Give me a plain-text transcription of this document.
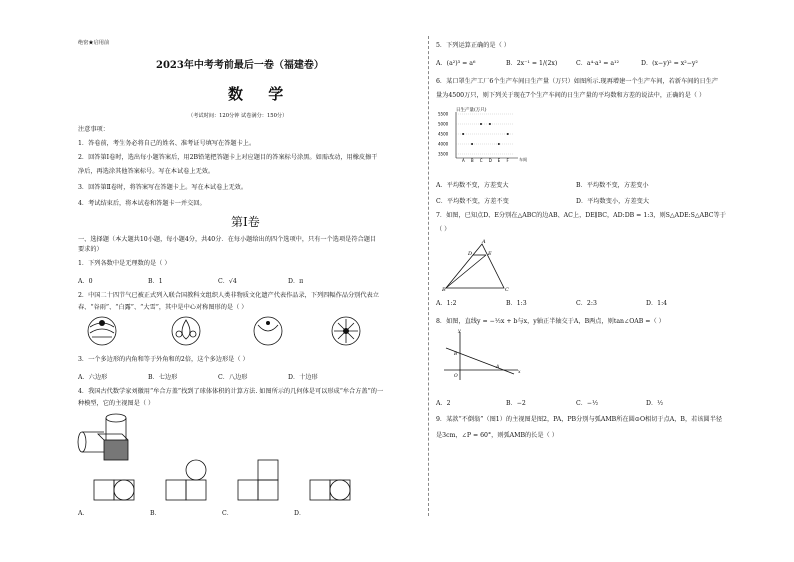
绝密★启用前
2023年中考考前最后一卷（福建卷）
数 学
（考试时间：120分钟 试卷满分：150分）
注意事项：
1．答卷前，考生务必将自己的姓名、准考证号填写在答题卡上。
2．回答第Ⅰ卷时，选出每小题答案后，用2B铅笔把答题卡上对应题目的答案标号涂黑。如需改动，用橡皮擦干
净后，再选涂其他答案标号。写在本试卷上无效。
3．回答第Ⅱ卷时，将答案写在答题卡上。写在本试卷上无效。
4．考试结束后，将本试卷和答题卡一并交回。
第Ⅰ卷
一、选择题（本大题共10小题，每小题4分，共40分．在每小题给出的四个选项中，只有一个选项是符合题目
要求的）
1．下列各数中是无理数的是（ ）
A．0	B．1	C．√4	D．π
2．中国二十四节气已被正式列入联合国教科文组织人类非物质文化遗产代表作品录，下列四幅作品分别代表立
春、“谷雨”、“白露”、“大雪”，其中是中心对称图形的是（ ）
3．一个多边形的内角和等于外角和的2倍，这个多边形是（ ）
A．六边形	B．七边形	C．八边形	D．十边形
4．我国古代数学家刘徽用“牟合方盖”找到了球体体积的计算方法. 如图所示的几何体是可以形成“牟合方盖”的一
种模型，它的主视图是（ ）
A．	B．	C．	D．
5．下列运算正确的是（ ）
A．(a²)³ = a⁶	B．2x⁻¹ = 1/(2x)	C．a⁴·a³ = a¹²	D．(x−y)² = x²−y²
6．某口罩生产工厂6个生产车间日生产量（万只）如图所示.现再增建一个生产车间，若新车间的日生产
量为4500万只，则下列关于现在7个生产车间的日生产量的平均数和方差的说法中，正确的是（ ）
日生产量(万只)
车间
3500
4000
4500
5000
5500
A B C D E F
A．平均数不变，方差变大	B．平均数不变，方差变小
C．平均数不变，方差不变	D．平均数变小，方差变大
7．如图，已知点D、E分别在△ABC的边AB、AC上，DE∥BC，AD:DB = 1:3，则S△ADE:S△ABC等于
（ ）
A
B	C
D	E
A．1:2	B．1:3	C．2:3	D．1:4
8．如图，直线y = −½x + b与x，y轴正半轴交于A，B两点，则tan∠OAB =（ ）
y
x
O
B
A
A．2	B．−2	C．−½	D．½
9．某款“不倒翁”（图1）的主视图是图2，PA，PB分别与弧AMB所在圆⊙O相切于点A，B，若该圆半径
是3cm，∠P = 60°，则弧AMB的长是（ ）
